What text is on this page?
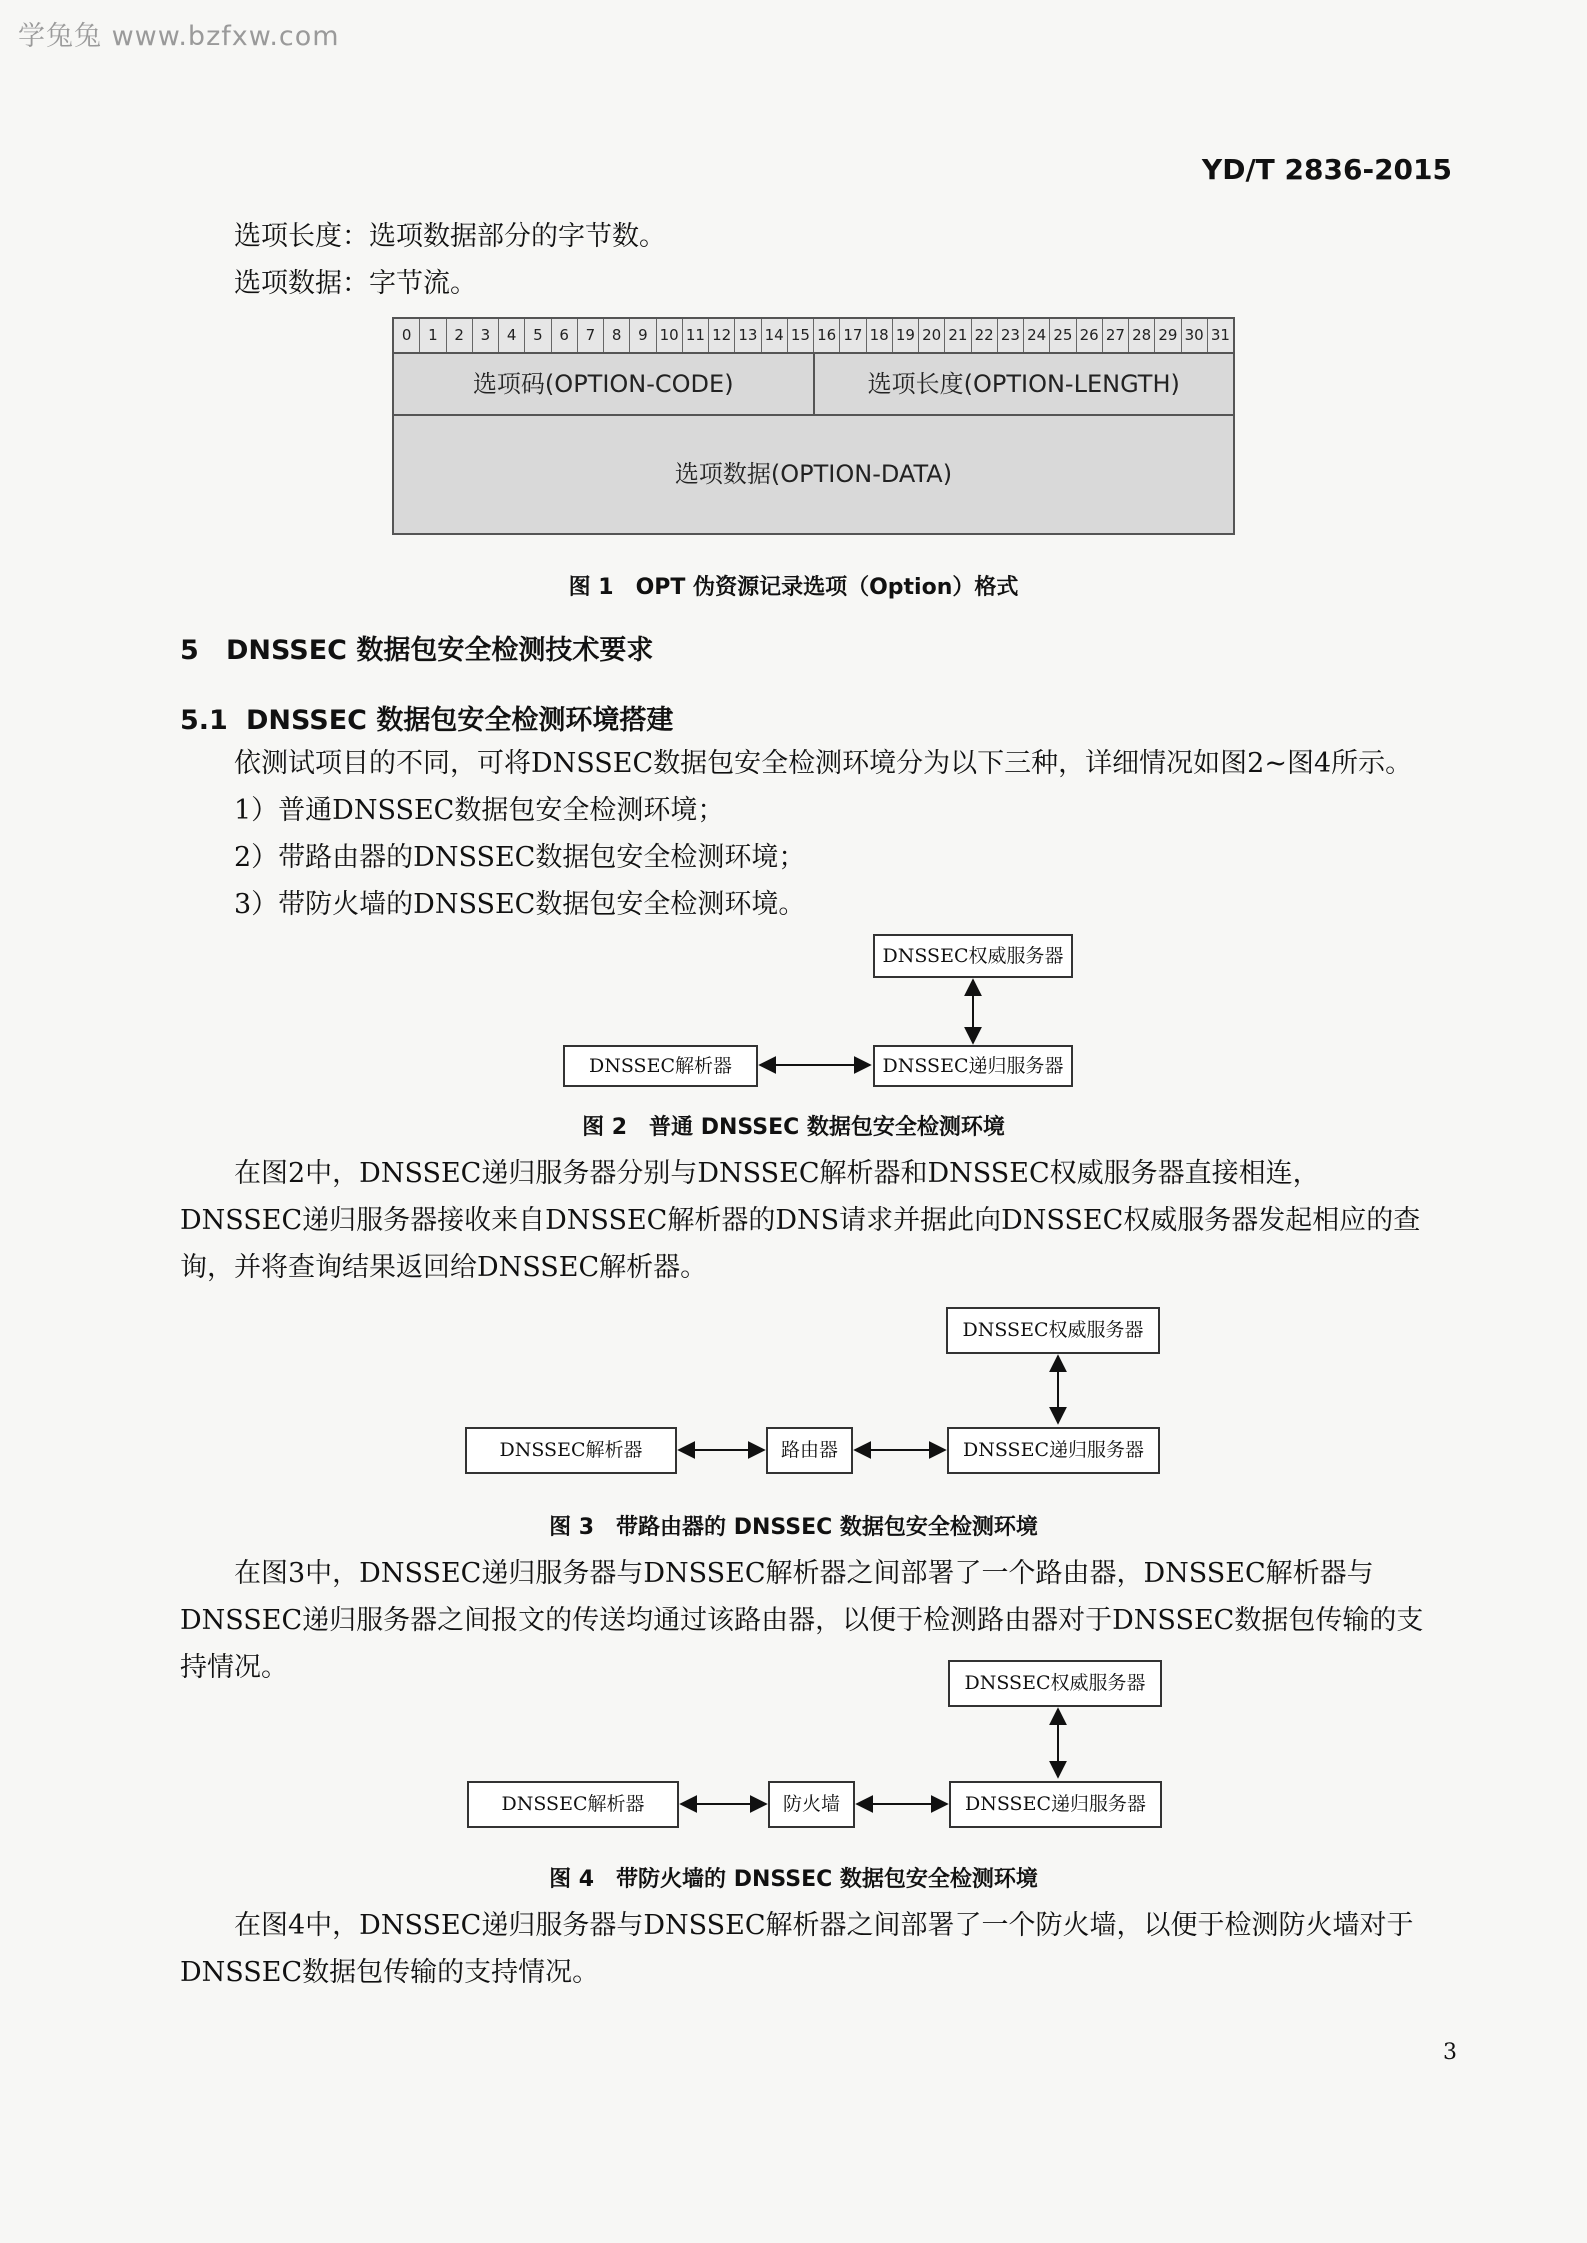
学兔兔 www.bzfxw.com
YD/T 2836-2015
选项长度：选项数据部分的字节数。
选项数据：字节流。
0	1	2	3	4	5	6	7	8	9 10 11 12 13 14 15 16 17 18 19 20 21 22 23 24 25 26 27 28 29 30 31
选项码(OPTION-CODE)	选项长度(OPTION-LENGTH)
选项数据(OPTION-DATA)
图 1　OPT 伪资源记录选项（Option）格式
5 DNSSEC 数据包安全检测技术要求
5.1 DNSSEC 数据包安全检测环境搭建
依测试项目的不同，可将DNSSEC数据包安全检测环境分为以下三种，详细情况如图2~图4所示。
1）普通DNSSEC数据包安全检测环境；
2）带路由器的DNSSEC数据包安全检测环境；
3）带防火墙的DNSSEC数据包安全检测环境。
DNSSEC权威服务器
DNSSEC解析器	DNSSEC递归服务器
图 2　普通 DNSSEC 数据包安全检测环境
在图2中，DNSSEC递归服务器分别与DNSSEC解析器和DNSSEC权威服务器直接相连，DNSSEC递归服务器接收来自DNSSEC解析器的DNS请求并据此向DNSSEC权威服务器发起相应的查询，并将查询结果返回给DNSSEC解析器。
DNSSEC权威服务器
DNSSEC解析器	路由器	DNSSEC递归服务器
图 3　带路由器的 DNSSEC 数据包安全检测环境
在图3中，DNSSEC递归服务器与DNSSEC解析器之间部署了一个路由器，DNSSEC解析器与DNSSEC递归服务器之间报文的传送均通过该路由器，以便于检测路由器对于DNSSEC数据包传输的支持情况。	DNSSEC权威服务器
DNSSEC解析器	防火墙	DNSSEC递归服务器
图 4　带防火墙的 DNSSEC 数据包安全检测环境
在图4中，DNSSEC递归服务器与DNSSEC解析器之间部署了一个防火墙，以便于检测防火墙对于DNSSEC数据包传输的支持情况。
3
